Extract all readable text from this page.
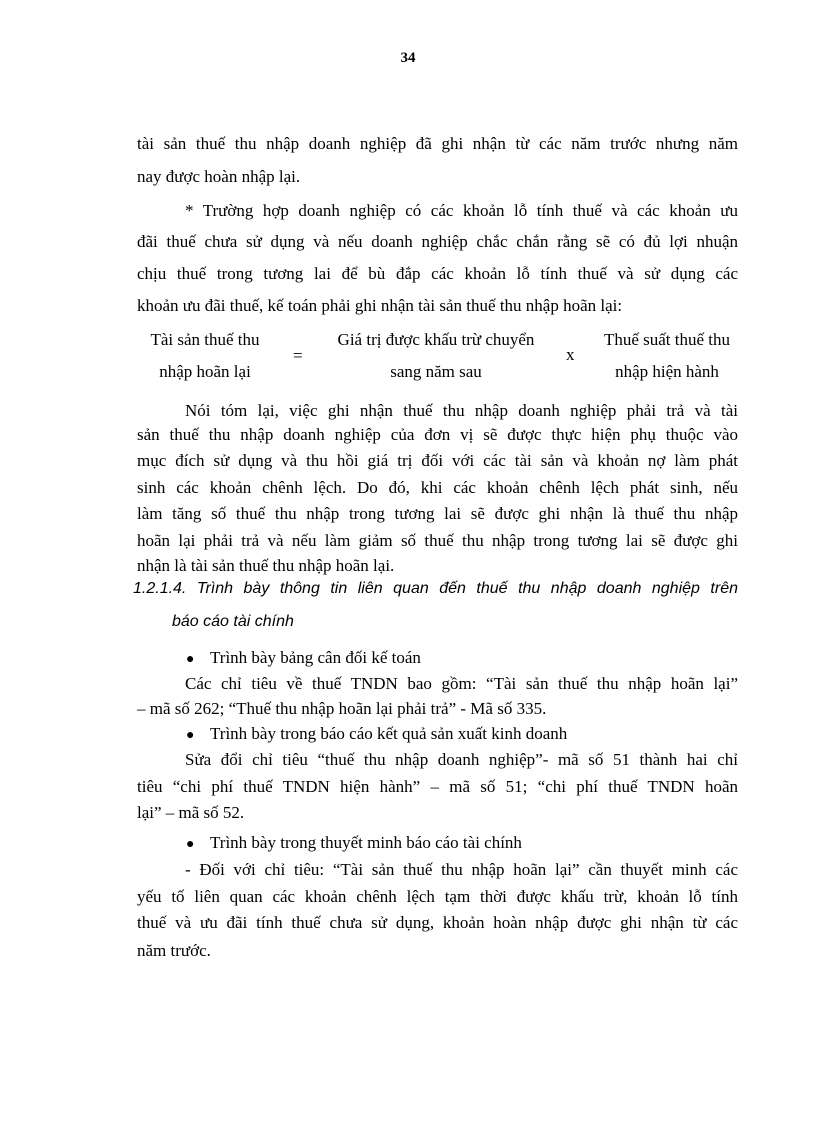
34
tài sản thuế thu nhập doanh nghiệp đã ghi nhận từ các năm trước nhưng năm
nay được hoàn nhập lại.
* Trường hợp doanh nghiệp có các khoản lỗ tính thuế và các khoản ưu
đãi thuế chưa sử dụng và nếu doanh nghiệp chắc chắn rằng sẽ có đủ lợi nhuận
chịu thuế trong tương lai để bù đắp các khoản lỗ tính thuế và sử dụng các
khoản ưu đãi thuế, kế toán phải ghi nhận tài sản thuế thu nhập hoãn lại:
Tài sản thuế thu
nhập hoãn lại
=
Giá trị được khấu trừ chuyển
sang năm sau
x
Thuế suất thuế thu
nhập hiện hành
Nói tóm lại, việc ghi nhận thuế thu nhập doanh nghiệp phải trả và tài
sản thuế thu nhập doanh nghiệp của đơn vị sẽ được thực hiện phụ thuộc vào
mục đích sử dụng và thu hồi giá trị đối với các tài sản và khoản nợ làm phát
sinh các khoản chênh lệch. Do đó, khi các khoản chênh lệch phát sinh, nếu
làm tăng số thuế thu nhập trong tương lai sẽ được ghi nhận là thuế thu nhập
hoãn lại phải trả và nếu làm giảm số thuế thu nhập trong tương lai sẽ được ghi
nhận là tài sản thuế thu nhập hoãn lại.
1.2.1.4. Trình bày thông tin liên quan đến thuế thu nhập doanh nghiệp trên
báo cáo tài chính
● Trình bày bảng cân đối kế toán
Các chỉ tiêu về thuế TNDN bao gồm: “Tài sản thuế thu nhập hoãn lại”
– mã số 262; “Thuế thu nhập hoãn lại phải trả” - Mã số 335.
● Trình bày trong báo cáo kết quả sản xuất kinh doanh
Sửa đổi chỉ tiêu “thuế thu nhập doanh nghiệp”- mã số 51 thành hai chỉ
tiêu “chi phí thuế TNDN hiện hành” – mã số 51; “chi phí thuế TNDN hoãn
lại” – mã số 52.
● Trình bày trong thuyết minh báo cáo tài chính
- Đối với chỉ tiêu: “Tài sản thuế thu nhập hoãn lại” cần thuyết minh các
yếu tố liên quan các khoản chênh lệch tạm thời được khấu trừ, khoản lỗ tính
thuế và ưu đãi tính thuế chưa sử dụng, khoản hoàn nhập được ghi nhận từ các
năm trước.
